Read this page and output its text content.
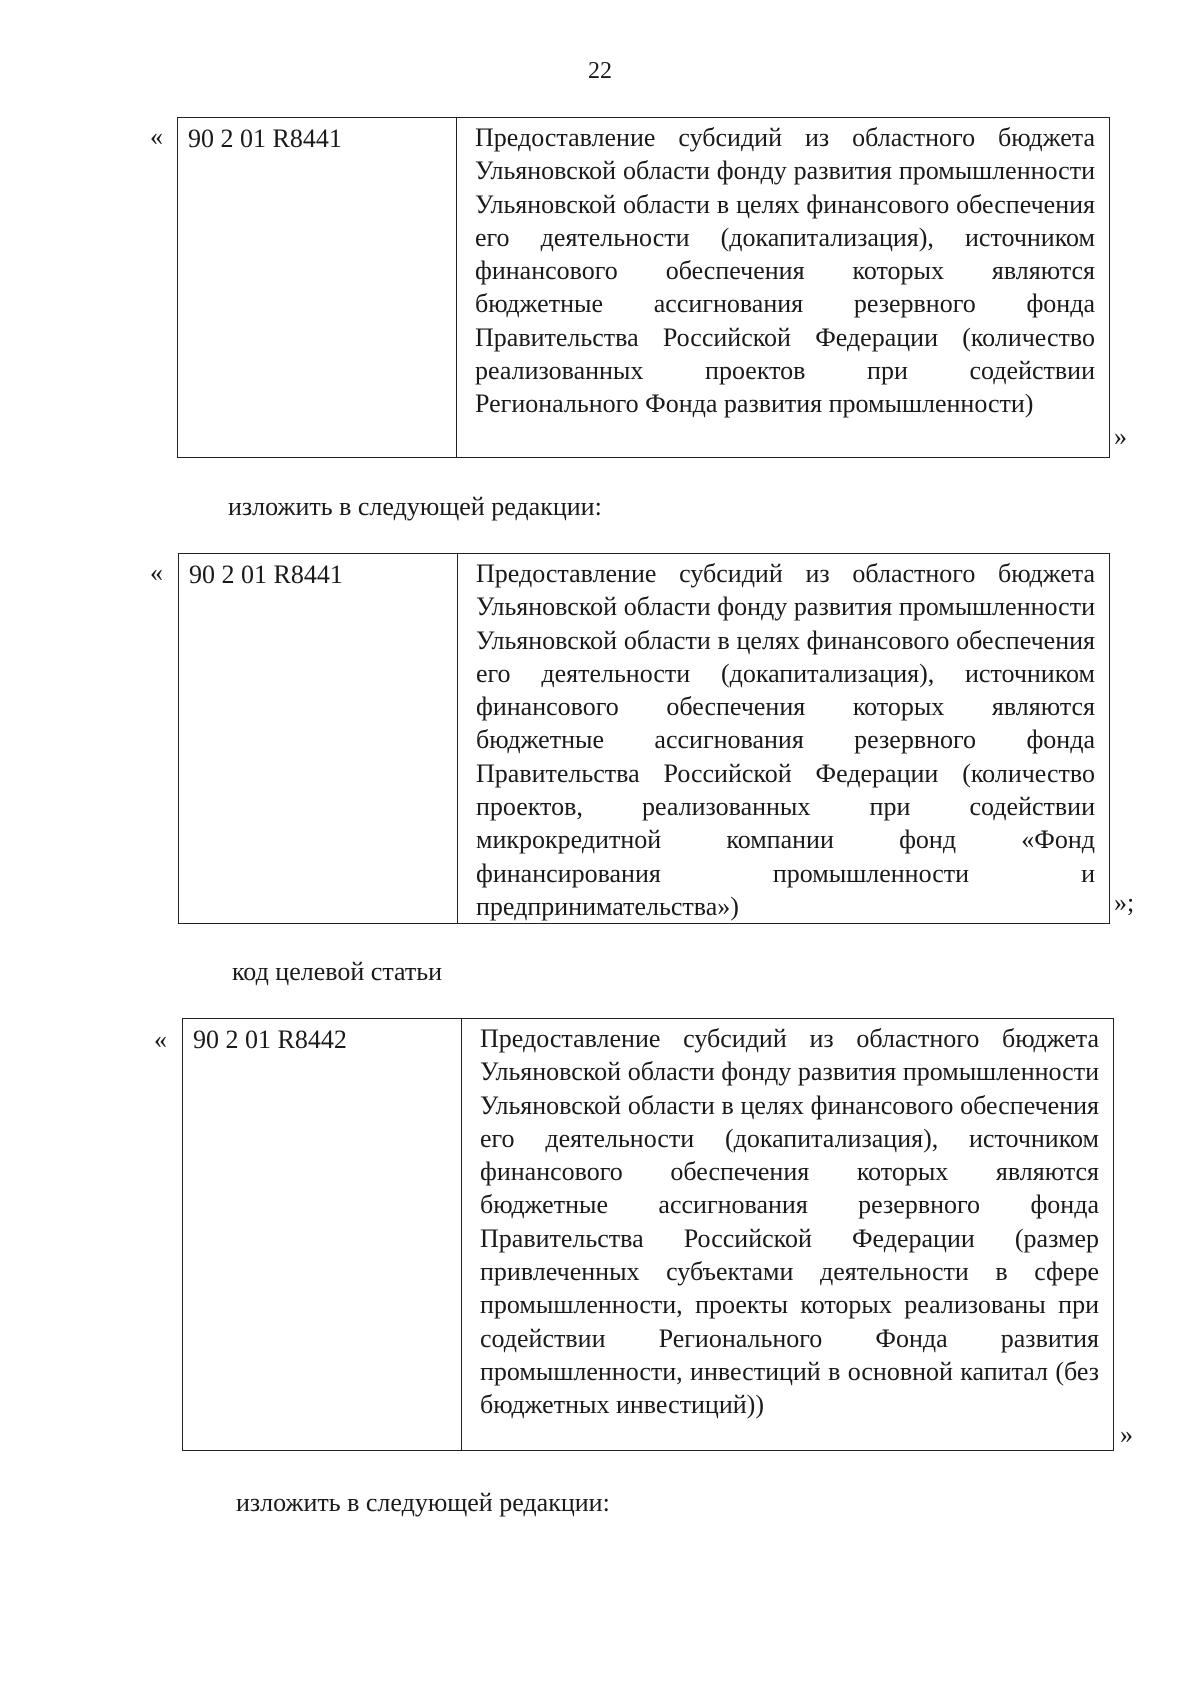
22
« 90 2 01 R8441	Предоставление субсидий из областного бюджета Ульяновской области фонду развития промышленности Ульяновской области в целях финансового обеспечения его деятельности (докапитализация), источником финансового обеспечения которых являются бюджетные ассигнования резервного фонда Правительства Российской Федерации (количество реализованных проектов при содействии Регионального Фонда развития промышленности)
»
изложить в следующей редакции:
« 90 2 01 R8441	Предоставление субсидий из областного бюджета Ульяновской области фонду развития промышленности Ульяновской области в целях финансового обеспечения его деятельности (докапитализация), источником финансового обеспечения которых являются бюджетные ассигнования резервного фонда Правительства Российской Федерации (количество проектов, реализованных при содействии микрокредитной компании фонд «Фонд финансирования промышленности и предпринимательства»)	»;
код целевой статьи
« 90 2 01 R8442	Предоставление субсидий из областного бюджета Ульяновской области фонду развития промышленности Ульяновской области в целях финансового обеспечения его деятельности (докапитализация), источником финансового обеспечения которых являются бюджетные ассигнования резервного фонда Правительства Российской Федерации (размер привлеченных субъектами деятельности в сфере промышленности, проекты которых реализованы при содействии Регионального Фонда развития промышленности, инвестиций в основной капитал (без бюджетных инвестиций))
»
изложить в следующей редакции:
